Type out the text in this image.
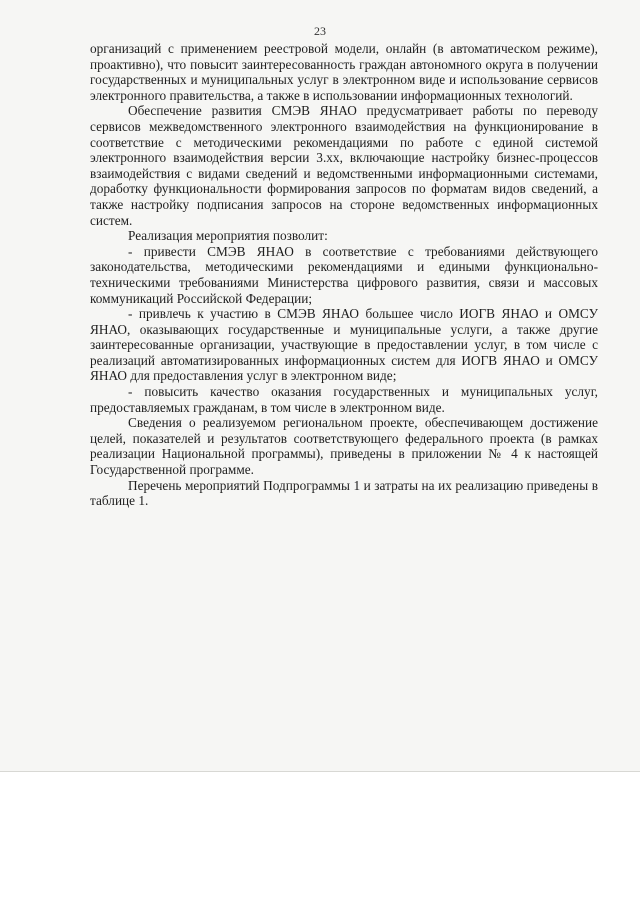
23

организаций с применением реестровой модели, онлайн (в автоматическом режиме), проактивно), что повысит заинтересованность граждан автономного округа в получении государственных и муниципальных услуг в электронном виде и использование сервисов электронного правительства, а также в использовании информационных технологий.

Обеспечение развития СМЭВ ЯНАО предусматривает работы по переводу сервисов межведомственного электронного взаимодействия на функционирование в соответствие с методическими рекомендациями по работе с единой системой электронного взаимодействия версии 3.хх, включающие настройку бизнес-процессов взаимодействия с видами сведений и ведомственными информационными системами, доработку функциональности формирования запросов по форматам видов сведений, а также настройку подписания запросов на стороне ведомственных информационных систем.

Реализация мероприятия позволит:

- привести СМЭВ ЯНАО в соответствие с требованиями действующего законодательства, методическими рекомендациями и едиными функционально-техническими требованиями Министерства цифрового развития, связи и массовых коммуникаций Российской Федерации;

- привлечь к участию в СМЭВ ЯНАО большее число ИОГВ ЯНАО и ОМСУ ЯНАО, оказывающих государственные и муниципальные услуги, а также другие заинтересованные организации, участвующие в предоставлении услуг, в том числе с реализаций автоматизированных информационных систем для ИОГВ ЯНАО и ОМСУ ЯНАО для предоставления услуг в электронном виде;

- повысить качество оказания государственных и муниципальных услуг, предоставляемых гражданам, в том числе в электронном виде.

Сведения о реализуемом региональном проекте, обеспечивающем достижение целей, показателей и результатов соответствующего федерального проекта (в рамках реализации Национальной программы), приведены в приложении № 4 к настоящей Государственной программе.

Перечень мероприятий Подпрограммы 1 и затраты на их реализацию приведены в таблице 1.
